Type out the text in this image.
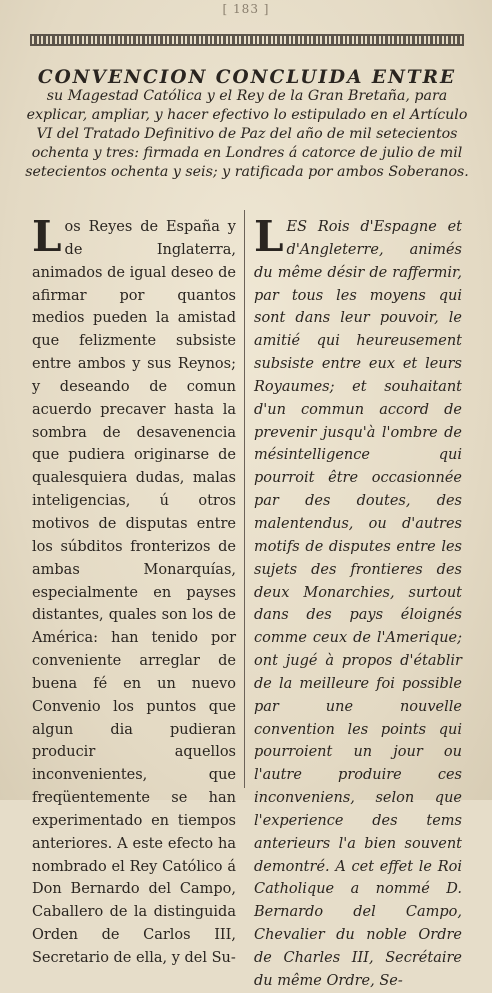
[ 183 ]
CONVENCION CONCLUIDA ENTRE
su Magestad Católica y el Rey de la Gran Bretaña, para explicar, ampliar, y hacer efectivo lo estipulado en el Artículo VI del Tratado Definitivo de Paz del año de mil setecientos ochenta y tres: firmada en Londres á catorce de julio de mil setecientos ochenta y seis; y ratificada por ambos Soberanos.
Los Reyes de España y de Inglaterra, animados de igual deseo de afirmar por quantos medios pueden la amistad que felizmente subsiste entre ambos y sus Reynos; y deseando de comun acuerdo precaver hasta la sombra de desavenencia que pudiera originarse de qualesquiera dudas, malas inteligencias, ú otros motivos de disputas entre los súbditos fronterizos de ambas Monarquías, especialmente en payses distantes, quales son los de América: han tenido por conveniente arreglar de buena fé en un nuevo Convenio los puntos que algun dia pudieran producir aquellos inconvenientes, que freqüentemente se han experimentado en tiempos anteriores. A este efecto ha nombrado el Rey Católico á Don Bernardo del Campo, Caballero de la distinguida Orden de Carlos III, Secretario de ella, y del Su-
LES Rois d'Espagne et d'Angleterre, animés du même désir de raffermir, par tous les moyens qui sont dans leur pouvoir, le amitié qui heureusement subsiste entre eux et leurs Royaumes; et souhaitant d'un commun accord de prevenir jusqu'à l'ombre de mésintelligence qui pourroit être occasionnée par des doutes, des malentendus, ou d'autres motifs de disputes entre les sujets des frontieres des deux Monarchies, surtout dans des pays éloignés comme ceux de l'Amerique; ont jugé à propos d'établir de la meilleure foi possible par une nouvelle convention les points qui pourroient un jour ou l'autre produire ces inconveniens, selon que l'experience des tems anterieurs l'a bien souvent demontré. A cet effet le Roi Catholique a nommé D. Bernardo del Campo, Chevalier du noble Ordre de Charles III, Secrétaire du même Ordre, Se-
